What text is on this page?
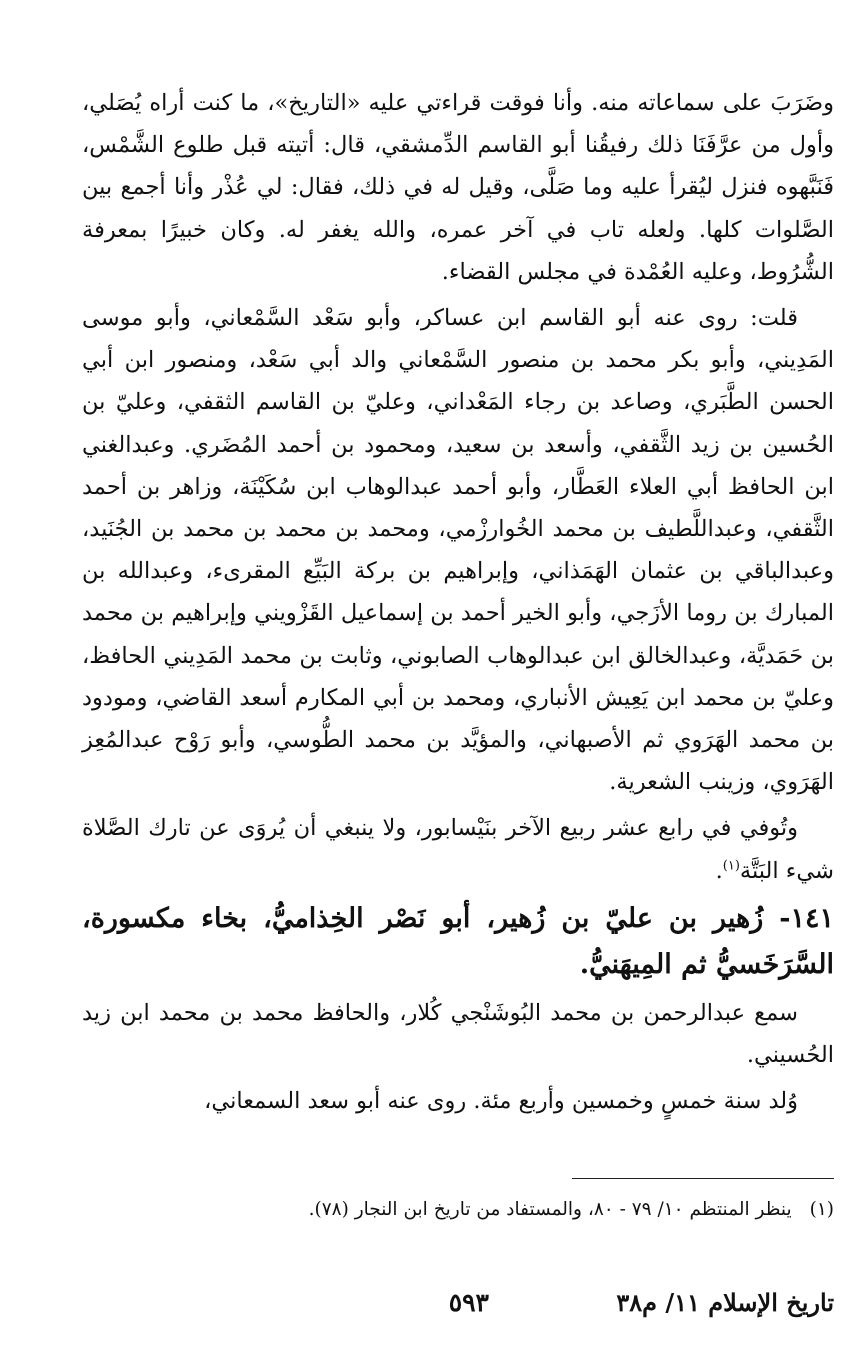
وضَرَبَ على سماعاته منه. وأنا فوقت قراءتي عليه «التاريخ»، ما كنت أراه يُصَلي، وأول من عرَّفَنَا ذلك رفيقُنا أبو القاسم الدِّمشقي، قال: أتيته قبل طلوع الشَّمْس، فَنَبَّهوه فنزل ليُقرأ عليه وما صَلَّى، وقيل له في ذلك، فقال: لي عُذْر وأنا أجمع بين الصَّلوات كلها. ولعله تاب في آخر عمره، والله يغفر له. وكان خبيرًا بمعرفة الشُّرُوط، وعليه العُمْدة في مجلس القضاء.

قلت: روى عنه أبو القاسم ابن عساكر، وأبو سَعْد السَّمْعاني، وأبو موسى المَدِيني، وأبو بكر محمد بن منصور السَّمْعاني والد أبي سَعْد، ومنصور ابن أبي الحسن الطَّبَري، وصاعد بن رجاء المَعْداني، وعليّ بن القاسم الثقفي، وعليّ بن الحُسين بن زيد الثَّقفي، وأسعد بن سعيد، ومحمود بن أحمد المُضَري. وعبدالغني ابن الحافظ أبي العلاء العَطَّار، وأبو أحمد عبدالوهاب ابن سُكَيْنَة، وزاهر بن أحمد الثَّقفي، وعبداللَّطيف بن محمد الخُوارزْمي، ومحمد بن محمد بن محمد بن الجُنَيد، وعبدالباقي بن عثمان الهَمَذاني، وإبراهيم بن بركة البَيِّع المقرىء، وعبدالله بن المبارك بن روما الأزَجي، وأبو الخير أحمد بن إسماعيل القَزْويني وإبراهيم بن محمد بن حَمَديَّة، وعبدالخالق ابن عبدالوهاب الصابوني، وثابت بن محمد المَدِيني الحافظ، وعليّ بن محمد ابن يَعِيش الأنباري، ومحمد بن أبي المكارم أسعد القاضي، ومودود بن محمد الهَرَوي ثم الأصبهاني، والمؤيَّد بن محمد الطُّوسي، وأبو رَوْح عبدالمُعِز الهَرَوي، وزينب الشعرية.

وتُوفي في رابع عشر ربيع الآخر بنَيْسابور، ولا ينبغي أن يُروَى عن تارك الصَّلاة شيء البَتَّة$^{(١)}$.

١٤١- زُهير بن عليّ بن زُهير، أبو نَصْر الخِذاميُّ، بخاء مكسورة، السَّرَخَسيُّ ثم المِيهَنيُّ.

سمع عبدالرحمن بن محمد البُوشَنْجي كُلار، والحافظ محمد بن محمد ابن زيد الحُسيني.

وُلد سنة خمسٍ وخمسين وأربع مئة. روى عنه أبو سعد السمعاني،

(١)ينظر المنتظم ١٠/ ٧٩ - ٨٠، والمستفاد من تاريخ ابن النجار (٧٨).
تاريخ الإسلام ١١/ م٣٨
٥٩٣
